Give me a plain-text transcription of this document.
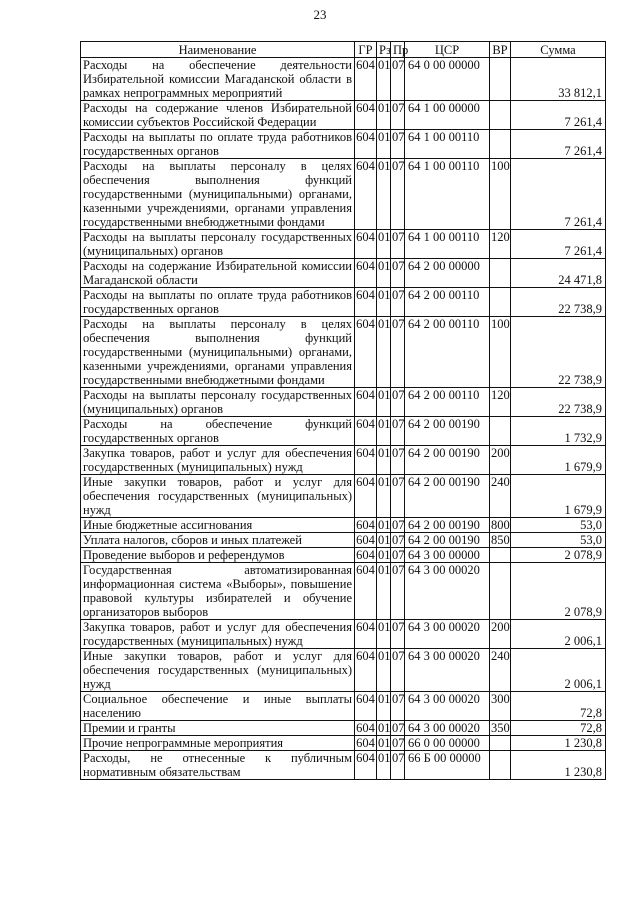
23
Наименование	ГР	Рз	Пр	ЦСР	ВР	Сумма
Расходы на обеспечение деятельности Избирательной комиссии Магаданской области в рамках непрограммных мероприятий	604	01	07	64 0 00 00000		33 812,1
Расходы на содержание членов Избирательной комиссии субъектов Российской Федерации	604	01	07	64 1 00 00000		7 261,4
Расходы на выплаты по оплате труда работников государственных органов	604	01	07	64 1 00 00110		7 261,4
Расходы на выплаты персоналу в целях обеспечения выполнения функций государственными (муниципальными) органами, казенными учреждениями, органами управления государственными внебюджетными фондами	604	01	07	64 1 00 00110	100	7 261,4
Расходы на выплаты персоналу государственных (муниципальных) органов	604	01	07	64 1 00 00110	120	7 261,4
Расходы на содержание Избирательной комиссии Магаданской области	604	01	07	64 2 00 00000		24 471,8
Расходы на выплаты по оплате труда работников государственных органов	604	01	07	64 2 00 00110		22 738,9
Расходы на выплаты персоналу в целях обеспечения выполнения функций государственными (муниципальными) органами, казенными учреждениями, органами управления государственными внебюджетными фондами	604	01	07	64 2 00 00110	100	22 738,9
Расходы на выплаты персоналу государственных (муниципальных) органов	604	01	07	64 2 00 00110	120	22 738,9
Расходы на обеспечение функций государственных органов	604	01	07	64 2 00 00190		1 732,9
Закупка товаров, работ и услуг для обеспечения государственных (муниципальных) нужд	604	01	07	64 2 00 00190	200	1 679,9
Иные закупки товаров, работ и услуг для обеспечения государственных (муниципальных) нужд	604	01	07	64 2 00 00190	240	1 679,9
Иные бюджетные ассигнования	604	01	07	64 2 00 00190	800	53,0
Уплата налогов, сборов и иных платежей	604	01	07	64 2 00 00190	850	53,0
Проведение выборов и референдумов	604	01	07	64 3 00 00000		2 078,9
Государственная автоматизированная информационная система «Выборы», повышение правовой культуры избирателей и обучение организаторов выборов	604	01	07	64 3 00 00020		2 078,9
Закупка товаров, работ и услуг для обеспечения государственных (муниципальных) нужд	604	01	07	64 3 00 00020	200	2 006,1
Иные закупки товаров, работ и услуг для обеспечения государственных (муниципальных) нужд	604	01	07	64 3 00 00020	240	2 006,1
Социальное обеспечение и иные выплаты населению	604	01	07	64 3 00 00020	300	72,8
Премии и гранты	604	01	07	64 3 00 00020	350	72,8
Прочие непрограммные мероприятия	604	01	07	66 0 00 00000		1 230,8
Расходы, не отнесенные к публичным нормативным обязательствам	604	01	07	66 Б 00 00000		1 230,8
